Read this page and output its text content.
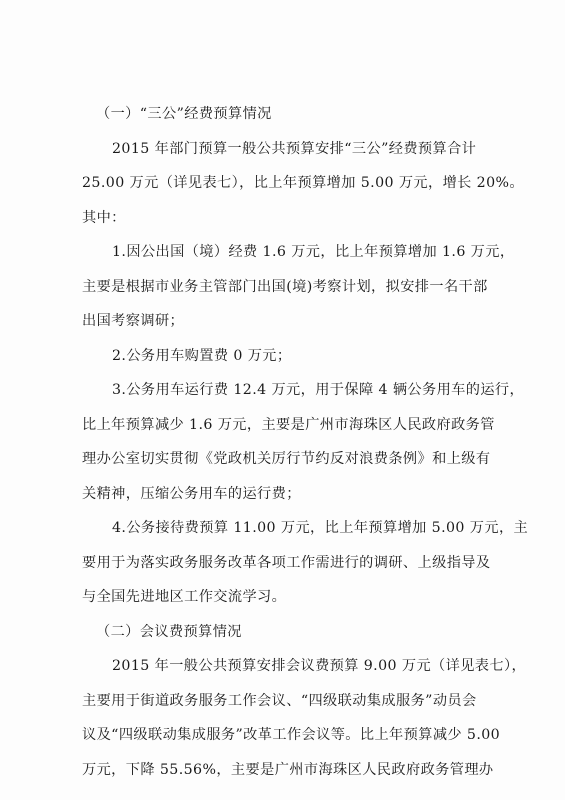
（一）“三公”经费预算情况
2015 年部门预算一般公共预算安排“三公”经费预算合计
25.00 万元（详见表七），比上年预算增加 5.00 万元，增长 20%。
其中：
1.因公出国（境）经费 1.6 万元，比上年预算增加 1.6 万元，
主要是根据市业务主管部门出国(境)考察计划，拟安排一名干部
出国考察调研；
2.公务用车购置费 0 万元；
3.公务用车运行费 12.4 万元，用于保障 4 辆公务用车的运行，
比上年预算减少 1.6 万元，主要是广州市海珠区人民政府政务管
理办公室切实贯彻《党政机关厉行节约反对浪费条例》和上级有
关精神，压缩公务用车的运行费；
4.公务接待费预算 11.00 万元，比上年预算增加 5.00 万元，主
要用于为落实政务服务改革各项工作需进行的调研、上级指导及
与全国先进地区工作交流学习。
（二）会议费预算情况
2015 年一般公共预算安排会议费预算 9.00 万元（详见表七），
主要用于街道政务服务工作会议、“四级联动集成服务”动员会
议及“四级联动集成服务”改革工作会议等。比上年预算减少 5.00
万元，下降 55.56%，主要是广州市海珠区人民政府政务管理办
